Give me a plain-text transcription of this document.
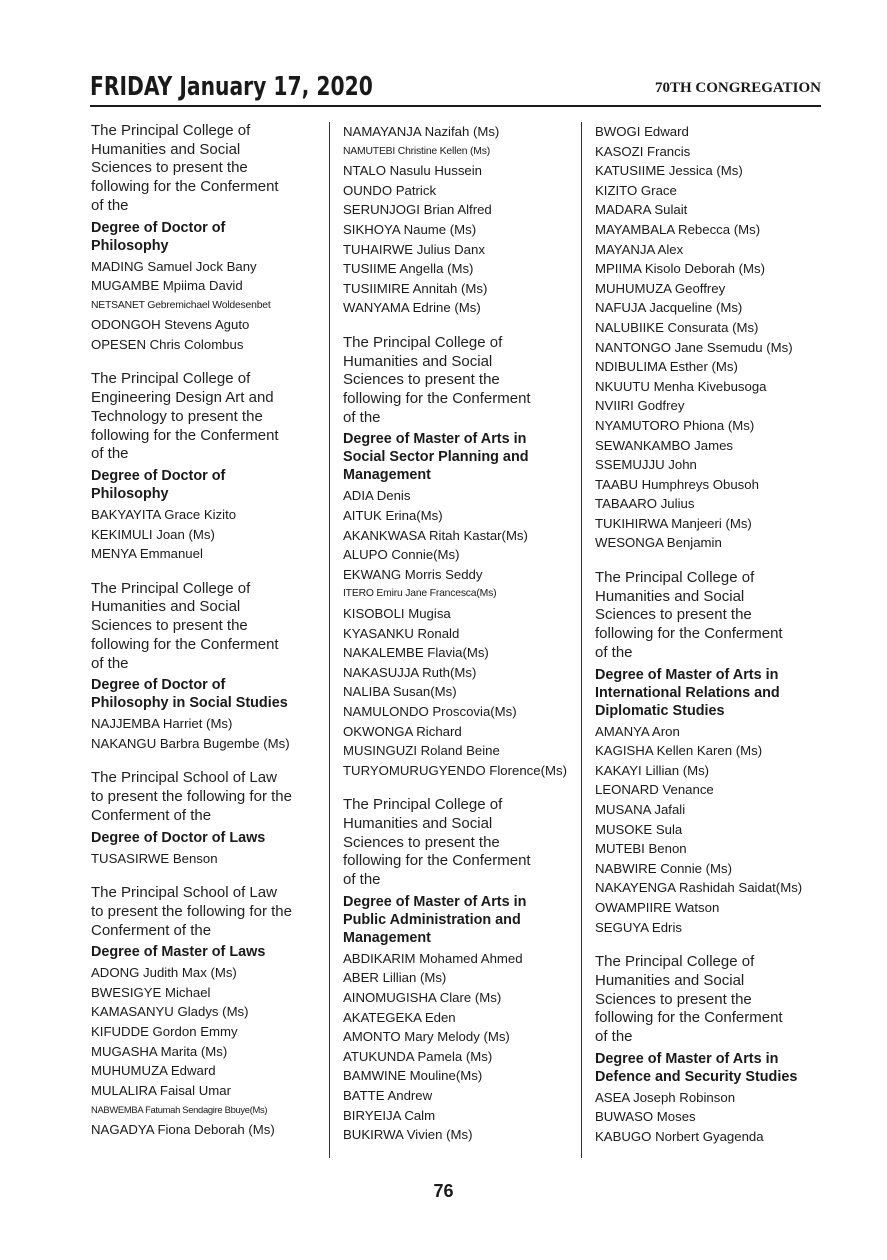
FRIDAY January 17, 2020	70TH CONGREGATION
The Principal College of
Humanities and Social
Sciences to present the
following for the Conferment
of the
Degree of Doctor of
Philosophy
MADING Samuel Jock Bany
MUGAMBE Mpiima David
NETSANET Gebremichael Woldesenbet
ODONGOH Stevens Aguto
OPESEN Chris Colombus
The Principal College of
Engineering Design Art and
Technology to present the
following for the Conferment
of the
Degree of Doctor of
Philosophy
BAKYAYITA Grace Kizito
KEKIMULI Joan (Ms)
MENYA Emmanuel
The Principal College of
Humanities and Social
Sciences to present the
following for the Conferment
of the
Degree of Doctor of
Philosophy in Social Studies
NAJJEMBA Harriet (Ms)
NAKANGU Barbra Bugembe (Ms)
The Principal School of Law
to present the following for the
Conferment of the
Degree of Doctor of Laws
TUSASIRWE Benson
The Principal School of Law
to present the following for the
Conferment of the
Degree of Master of Laws
ADONG Judith Max (Ms)
BWESIGYE Michael
KAMASANYU Gladys (Ms)
KIFUDDE Gordon Emmy
MUGASHA Marita (Ms)
MUHUMUZA Edward
MULALIRA Faisal Umar
NABWEMBA Fatumah Sendagire Bbuye(Ms)
NAGADYA Fiona Deborah (Ms)
NAMAYANJA Nazifah (Ms)
NAMUTEBI Christine Kellen (Ms)
NTALO Nasulu Hussein
OUNDO Patrick
SERUNJOGI Brian Alfred
SIKHOYA Naume (Ms)
TUHAIRWE Julius Danx
TUSIIME Angella (Ms)
TUSIIMIRE Annitah (Ms)
WANYAMA Edrine (Ms)
The Principal College of
Humanities and Social
Sciences to present the
following for the Conferment
of the
Degree of Master of Arts in
Social Sector Planning and
Management
ADIA Denis
AITUK Erina(Ms)
AKANKWASA Ritah Kastar(Ms)
ALUPO Connie(Ms)
EKWANG Morris Seddy
ITERO Emiru Jane Francesca(Ms)
KISOBOLI Mugisa
KYASANKU Ronald
NAKALEMBE Flavia(Ms)
NAKASUJJA Ruth(Ms)
NALIBA Susan(Ms)
NAMULONDO Proscovia(Ms)
OKWONGA Richard
MUSINGUZI Roland Beine
TURYOMURUGYENDO Florence(Ms)
The Principal College of
Humanities and Social
Sciences to present the
following for the Conferment
of the
Degree of Master of Arts in
Public Administration and
Management
ABDIKARIM Mohamed Ahmed
ABER Lillian (Ms)
AINOMUGISHA Clare (Ms)
AKATEGEKA Eden
AMONTO Mary Melody (Ms)
ATUKUNDA Pamela (Ms)
BAMWINE Mouline(Ms)
BATTE Andrew
BIRYEIJA Calm
BUKIRWA Vivien (Ms)
BWOGI Edward
KASOZI Francis
KATUSIIME Jessica (Ms)
KIZITO Grace
MADARA Sulait
MAYAMBALA Rebecca (Ms)
MAYANJA Alex
MPIIMA Kisolo Deborah (Ms)
MUHUMUZA Geoffrey
NAFUJA Jacqueline (Ms)
NALUBIIKE Consurata (Ms)
NANTONGO Jane Ssemudu (Ms)
NDIBULIMA Esther (Ms)
NKUUTU Menha Kivebusoga
NVIIRI Godfrey
NYAMUTORO Phiona (Ms)
SEWANKAMBO James
SSEMUJJU John
TAABU Humphreys Obusoh
TABAARO Julius
TUKIHIRWA Manjeeri (Ms)
WESONGA Benjamin
The Principal College of
Humanities and Social
Sciences to present the
following for the Conferment
of the
Degree of Master of Arts in
International Relations and
Diplomatic Studies
AMANYA Aron
KAGISHA Kellen Karen (Ms)
KAKAYI Lillian (Ms)
LEONARD Venance
MUSANA Jafali
MUSOKE Sula
MUTEBI Benon
NABWIRE Connie (Ms)
NAKAYENGA Rashidah Saidat(Ms)
OWAMPIIRE Watson
SEGUYA Edris
The Principal College of
Humanities and Social
Sciences to present the
following for the Conferment
of the
Degree of Master of Arts in
Defence and Security Studies
ASEA Joseph Robinson
BUWASO Moses
KABUGO Norbert Gyagenda
76
